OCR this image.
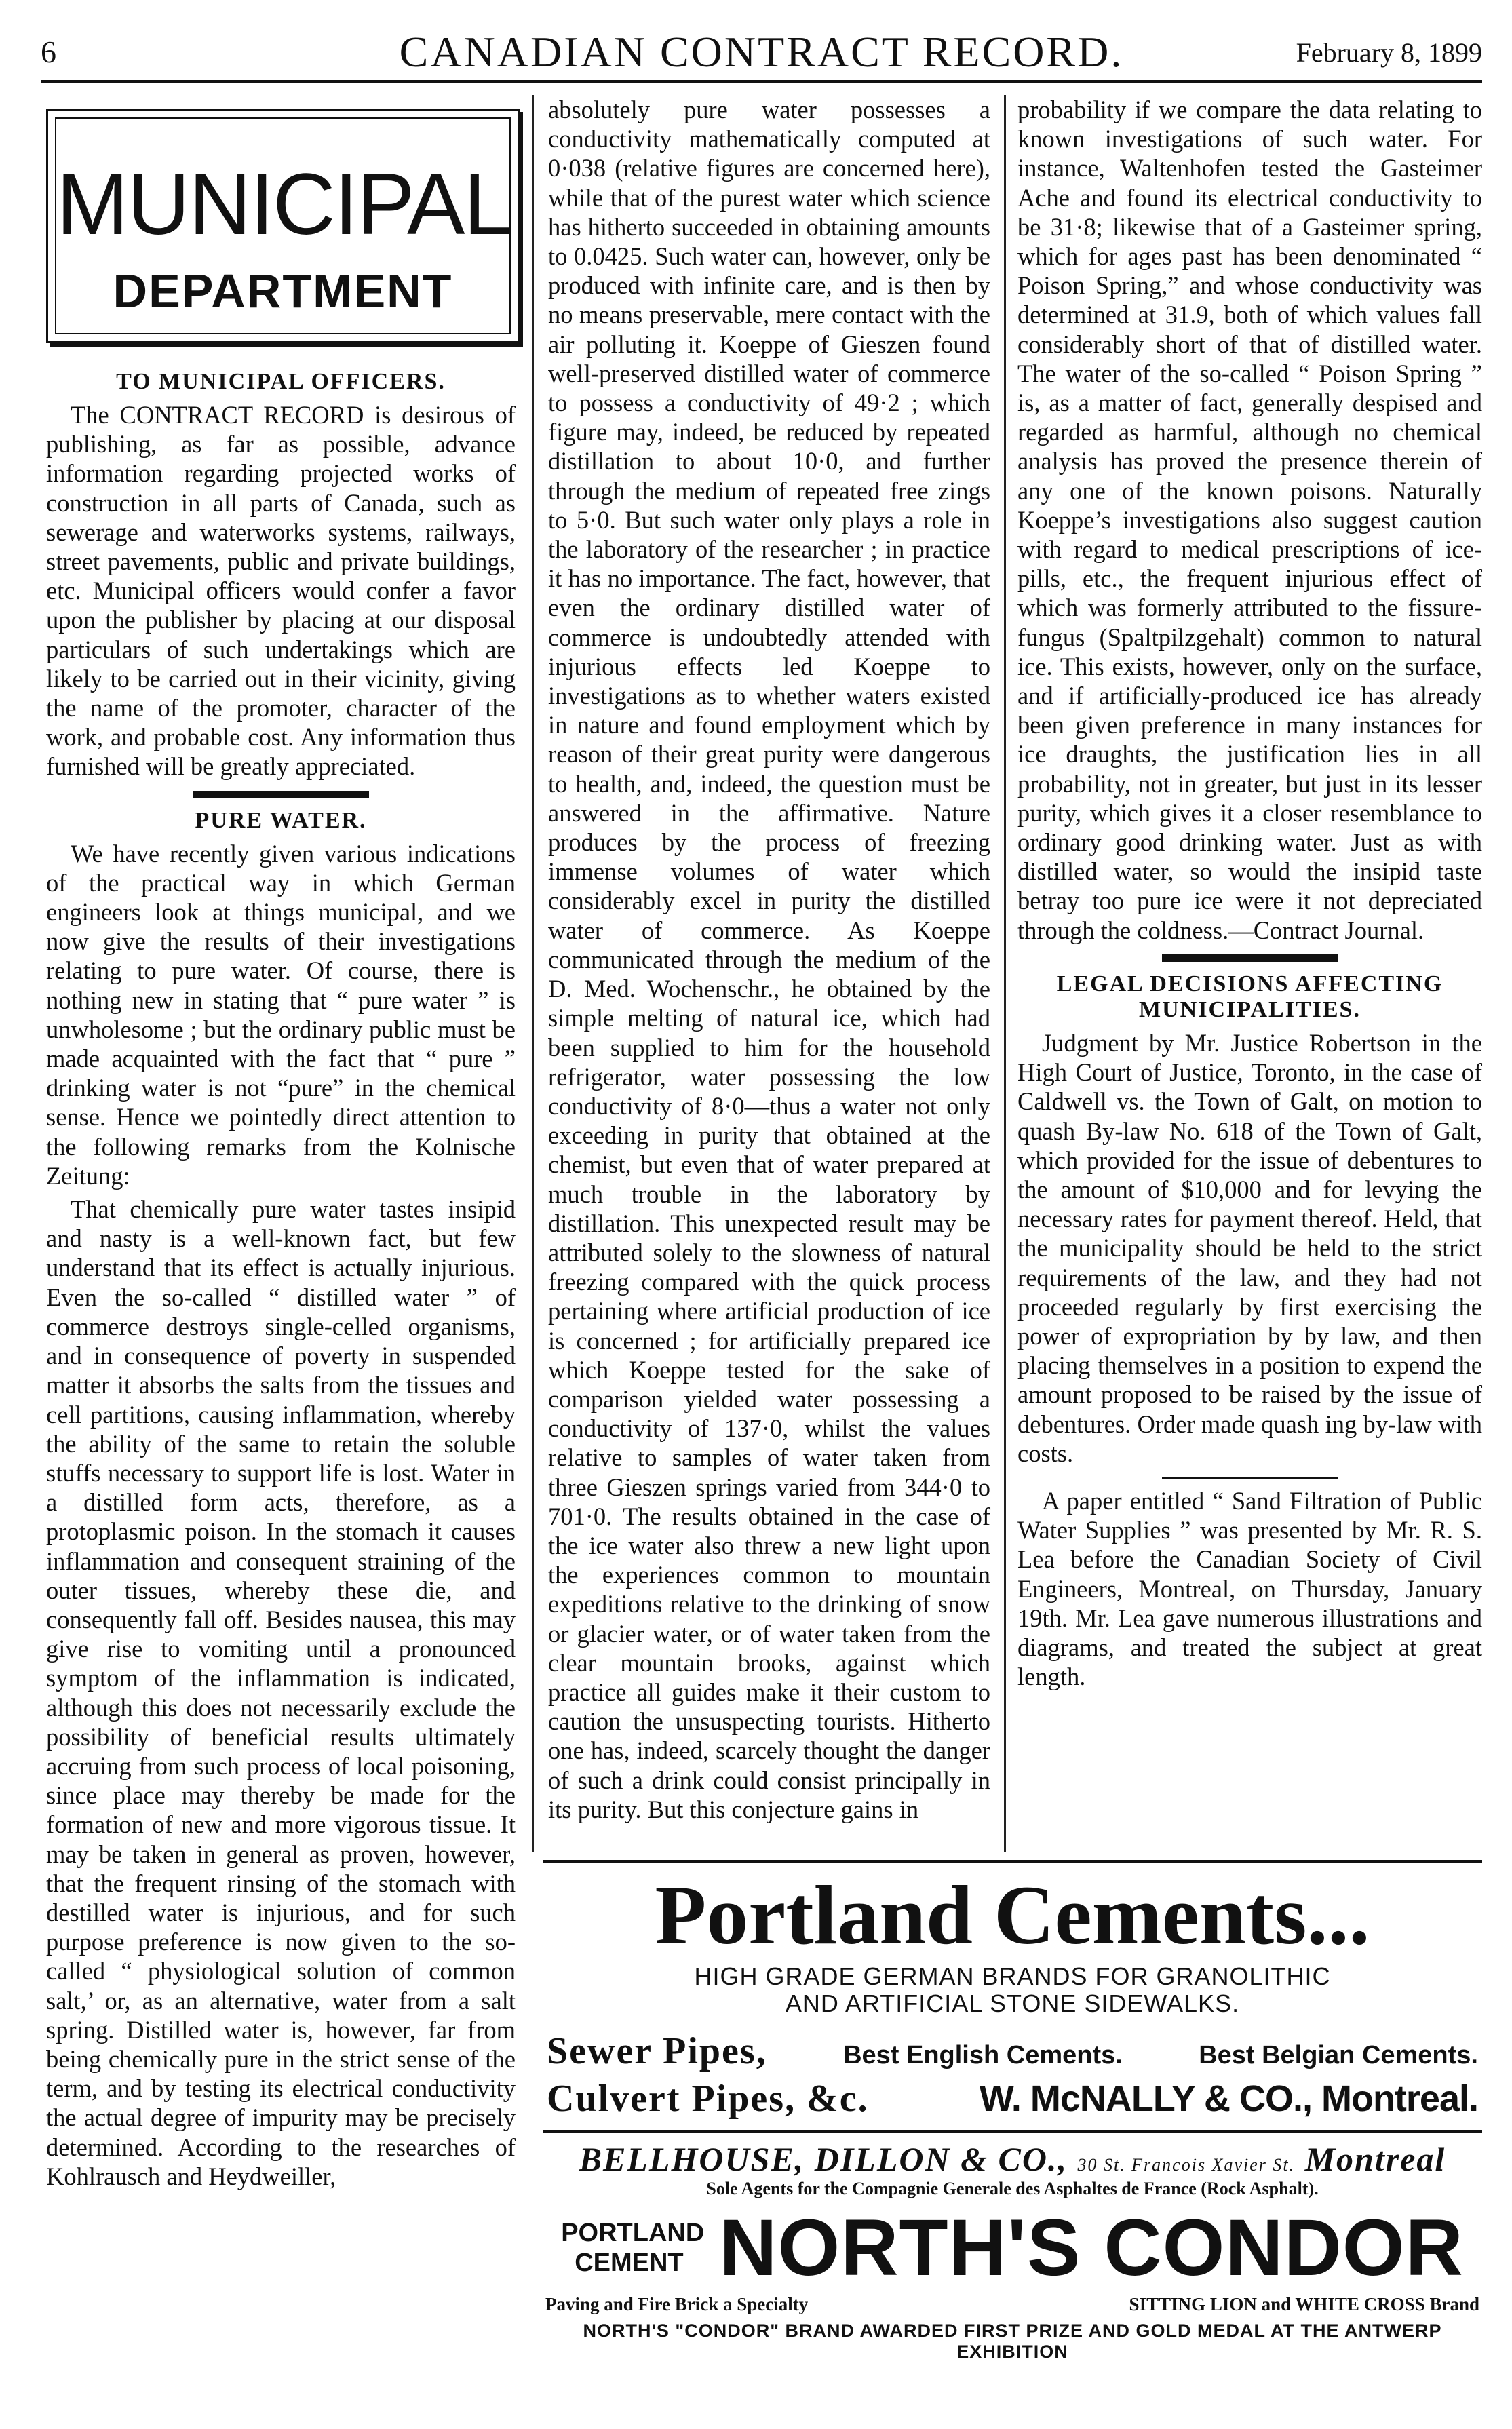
6	CANADIAN CONTRACT RECORD.	February 8, 1899
MUNICIPAL
DEPARTMENT
TO MUNICIPAL OFFICERS.

The CONTRACT RECORD is desirous of publishing, as far as possible, advance information regarding projected works of construction in all parts of Canada, such as sewerage and waterworks systems, railways, street pavements, public and private buildings, etc. Municipal officers would confer a favor upon the publisher by placing at our disposal particulars of such undertakings which are likely to be carried out in their vicinity, giving the name of the promoter, character of the work, and probable cost. Any information thus furnished will be greatly appreciated.

PURE WATER.

We have recently given various indications of the practical way in which German engineers look at things municipal, and we now give the results of their investigations relating to pure water. Of course, there is nothing new in stating that “ pure water ” is unwholesome ; but the ordinary public must be made acquainted with the fact that “ pure ” drinking water is not “pure” in the chemical sense. Hence we pointedly direct attention to the following remarks from the Kolnische Zeitung:

That chemically pure water tastes insipid and nasty is a well-known fact, but few understand that its effect is actually injurious. Even the so-called “ distilled water ” of commerce destroys single-celled organisms, and in consequence of poverty in suspended matter it absorbs the salts from the tissues and cell partitions, causing inflammation, whereby the ability of the same to retain the soluble stuffs necessary to support life is lost. Water in a distilled form acts, therefore, as a protoplasmic poison. In the stomach it causes inflammation and consequent straining of the outer tissues, whereby these die, and consequently fall off. Besides nausea, this may give rise to vomiting until a pronounced symptom of the inflammation is indicated, although this does not necessarily exclude the possibility of beneficial results ultimately accruing from such process of local poisoning, since place may thereby be made for the formation of new and more vigorous tissue. It may be taken in general as proven, however, that the frequent rinsing of the stomach with destilled water is injurious, and for such purpose preference is now given to the so-called “ physiological solution of common salt,’ or, as an alternative, water from a salt spring. Distilled water is, however, far from being chemically pure in the strict sense of the term, and by testing its electrical conductivity the actual degree of impurity may be precisely determined. According to the researches of Kohlrausch and Heydweiller,

absolutely pure water possesses a conductivity mathematically computed at 0·038 (relative figures are concerned here), while that of the purest water which science has hitherto succeeded in obtaining amounts to 0.0425. Such water can, however, only be produced with infinite care, and is then by no means preservable, mere contact with the air polluting it. Koeppe of Gieszen found well-preserved distilled water of commerce to possess a conductivity of 49·2 ; which figure may, indeed, be reduced by repeated distillation to about 10·0, and further through the medium of repeated free zings to 5·0. But such water only plays a role in the laboratory of the researcher ; in practice it has no importance. The fact, however, that even the ordinary distilled water of commerce is undoubtedly attended with injurious effects led Koeppe to investigations as to whether waters existed in nature and found employment which by reason of their great purity were dangerous to health, and, indeed, the question must be answered in the affirmative. Nature produces by the process of freezing immense volumes of water which considerably excel in purity the distilled water of commerce. As Koeppe communicated through the medium of the D. Med. Wochenschr., he obtained by the simple melting of natural ice, which had been supplied to him for the household refrigerator, water possessing the low conductivity of 8·0—thus a water not only exceeding in purity that obtained at the chemist, but even that of water prepared at much trouble in the laboratory by distillation. This unexpected result may be attributed solely to the slowness of natural freezing compared with the quick process pertaining where artificial production of ice is concerned ; for artificially prepared ice which Koeppe tested for the sake of comparison yielded water possessing a conductivity of 137·0, whilst the values relative to samples of water taken from three Gieszen springs varied from 344·0 to 701·0. The results obtained in the case of the ice water also threw a new light upon the experiences common to mountain expeditions relative to the drinking of snow or glacier water, or of water taken from the clear mountain brooks, against which practice all guides make it their custom to caution the unsuspecting tourists. Hitherto one has, indeed, scarcely thought the danger of such a drink could consist principally in its purity. But this conjecture gains in

probability if we compare the data relating to known investigations of such water. For instance, Waltenhofen tested the Gasteimer Ache and found its electrical conductivity to be 31·8; likewise that of a Gasteimer spring, which for ages past has been denominated “ Poison Spring,” and whose conductivity was determined at 31.9, both of which values fall considerably short of that of distilled water. The water of the so-called “ Poison Spring ” is, as a matter of fact, generally despised and regarded as harmful, although no chemical analysis has proved the presence therein of any one of the known poisons. Naturally Koeppe’s investigations also suggest caution with regard to medical prescriptions of ice-pills, etc., the frequent injurious effect of which was formerly attributed to the fissure-fungus (Spaltpilzgehalt) common to natural ice. This exists, however, only on the surface, and if artificially-produced ice has already been given preference in many instances for ice draughts, the justification lies in all probability, not in greater, but just in its lesser purity, which gives it a closer resemblance to ordinary good drinking water. Just as with distilled water, so would the insipid taste betray too pure ice were it not depreciated through the coldness.—Contract Journal.

LEGAL DECISIONS AFFECTING MUNICIPALITIES.

Judgment by Mr. Justice Robertson in the High Court of Justice, Toronto, in the case of Caldwell vs. the Town of Galt, on motion to quash By-law No. 618 of the Town of Galt, which provided for the issue of debentures to the amount of $10,000 and for levying the necessary rates for payment thereof. Held, that the municipality should be held to the strict requirements of the law, and they had not proceeded regularly by first exercising the power of expropriation by by law, and then placing themselves in a position to expend the amount proposed to be raised by the issue of debentures. Order made quash ing by-law with costs.

A paper entitled “ Sand Filtration of Public Water Supplies ” was presented by Mr. R. S. Lea before the Canadian Society of Civil Engineers, Montreal, on Thursday, January 19th. Mr. Lea gave numerous illustrations and diagrams, and treated the subject at great length.

Portland Cements...
HIGH GRADE GERMAN BRANDS FOR GRANOLITHIC
AND ARTIFICIAL STONE SIDEWALKS.
Sewer Pipes,	Best English Cements.	Best Belgian Cements.
Culvert Pipes, &c.	W. McNALLY & CO., Montreal.
BELLHOUSE, DILLON & CO., 30 St. Francois Xavier St. Montreal
Sole Agents for the Compagnie Generale des Asphaltes de France (Rock Asphalt).
PORTLAND
CEMENT NORTH'S CONDOR
Paving and Fire Brick a Specialty	SITTING LION and WHITE CROSS Brand
NORTH'S "CONDOR" BRAND AWARDED FIRST PRIZE AND GOLD MEDAL AT THE ANTWERP EXHIBITION
